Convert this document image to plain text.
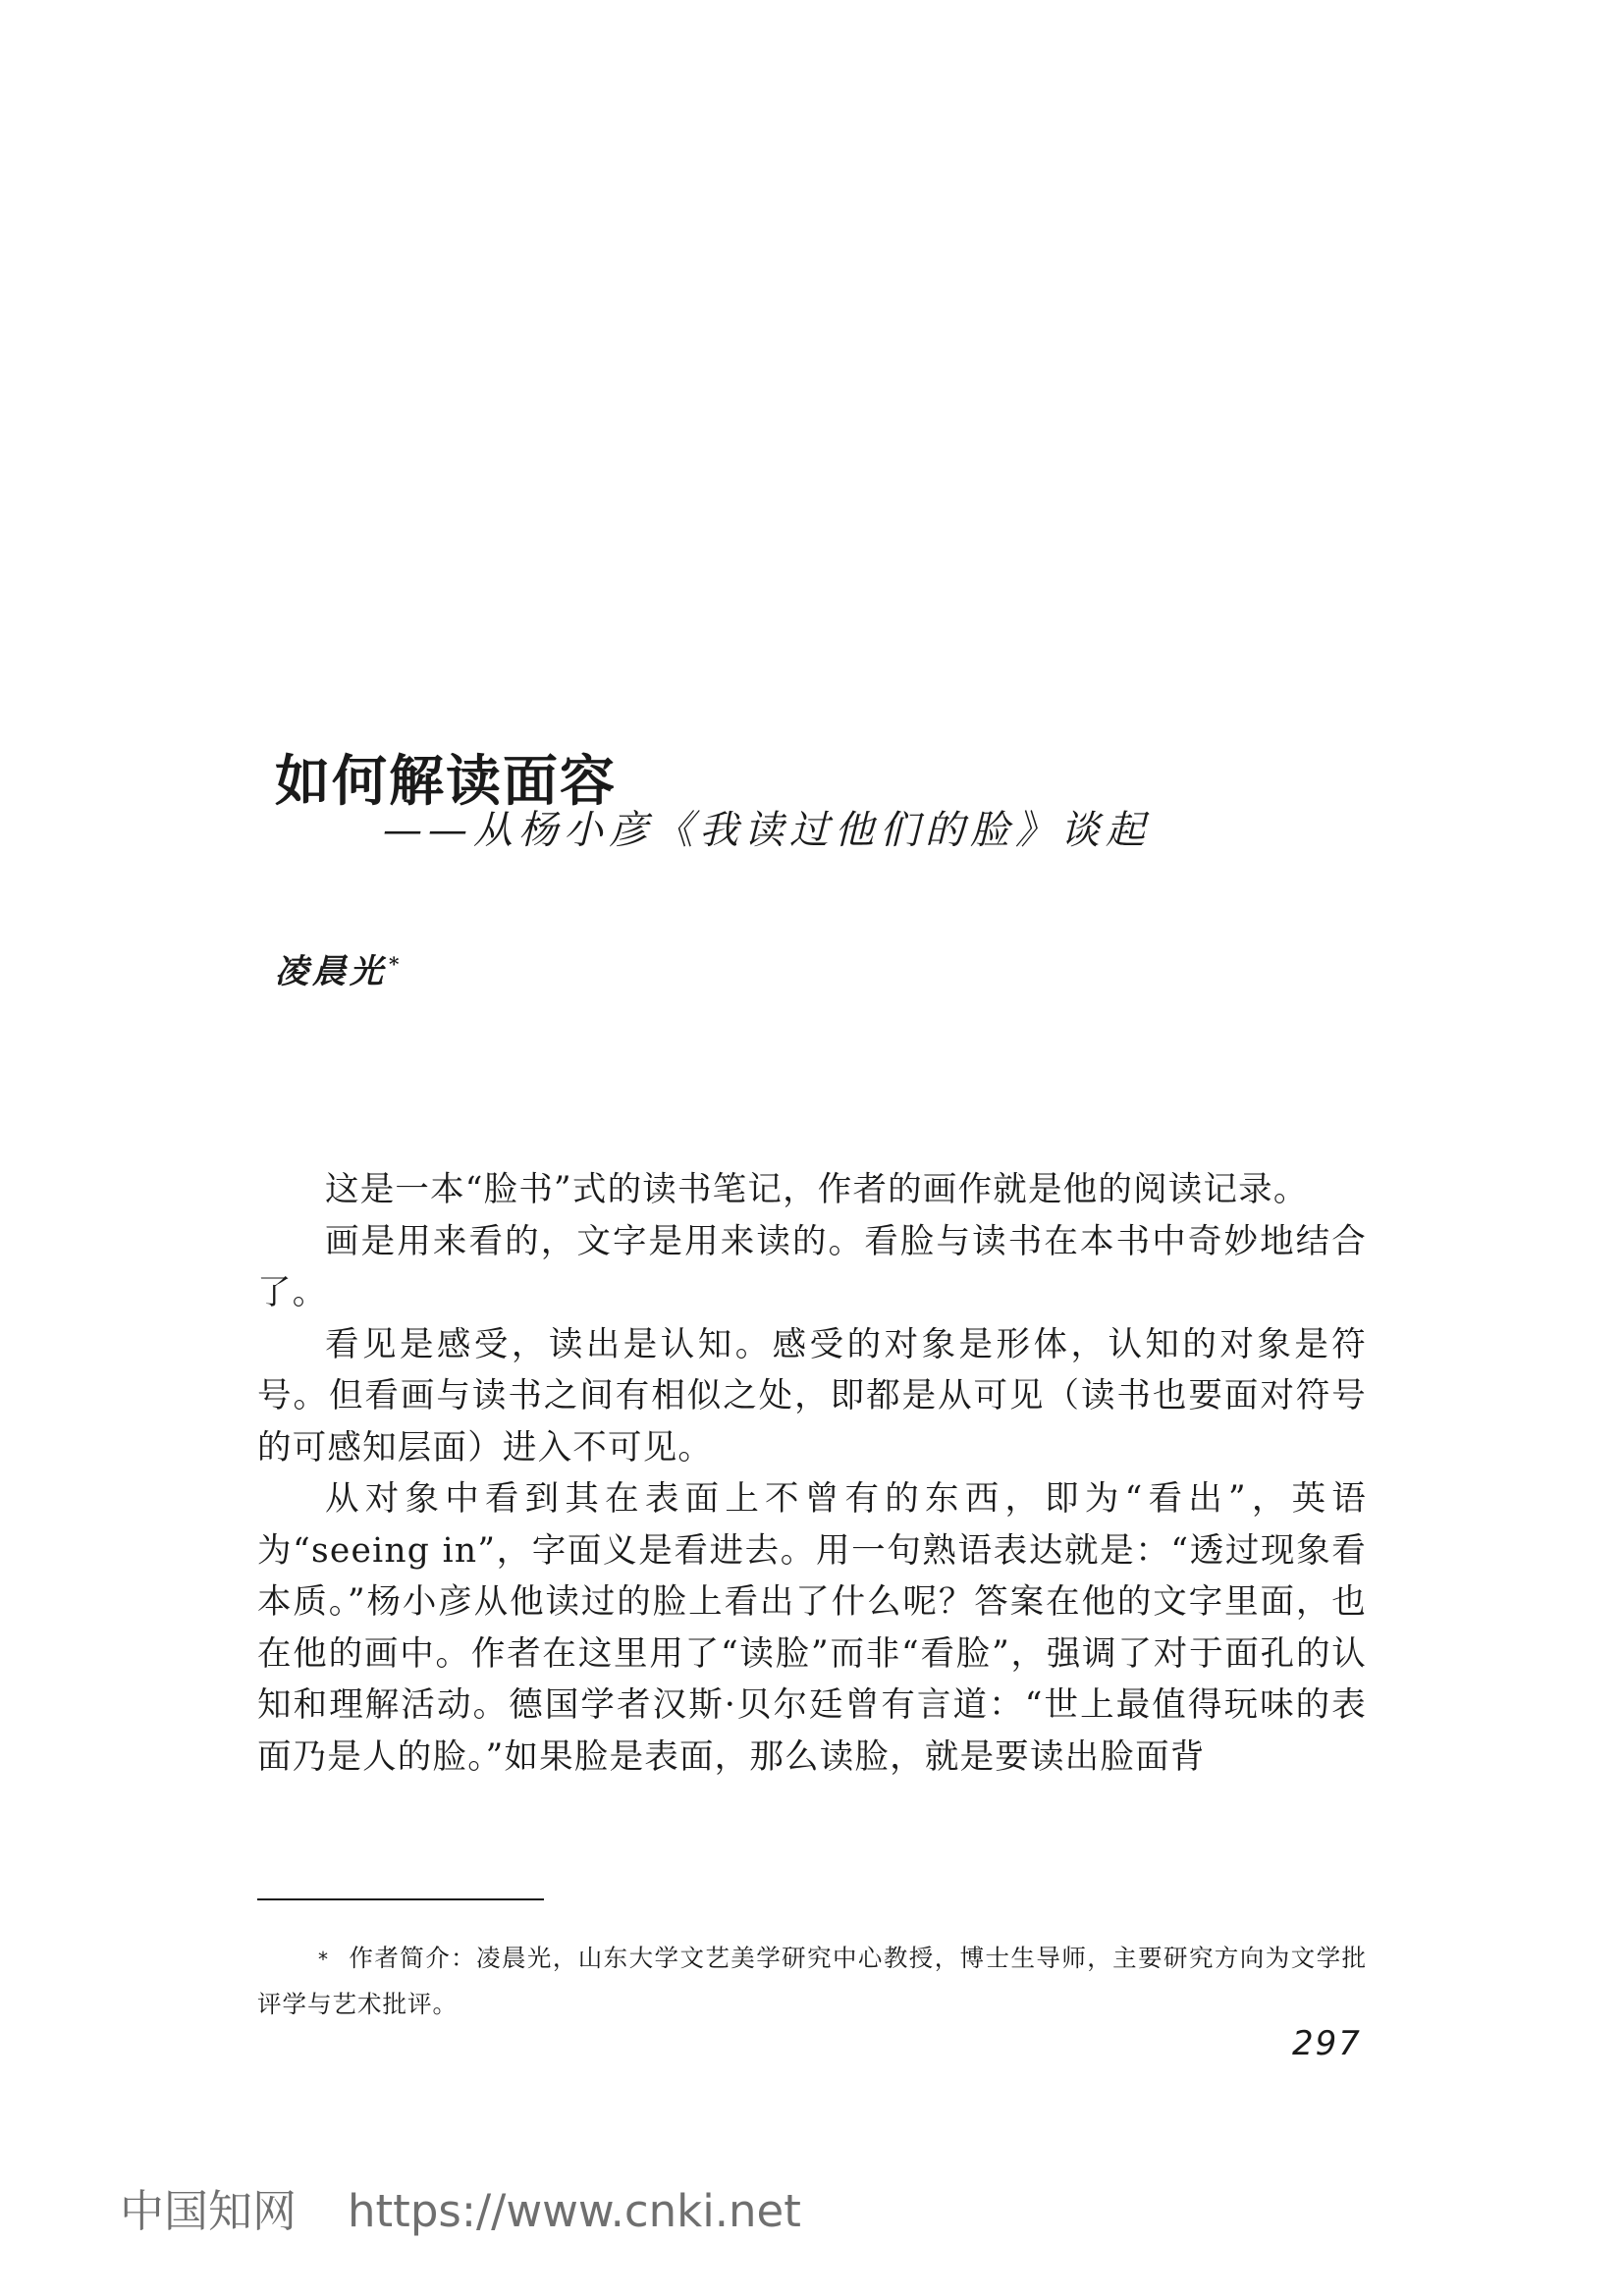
如何解读面容
——从杨小彦《我读过他们的脸》谈起
凌晨光 *

这是一本“脸书”式的读书笔记，作者的画作就是他的阅读记录。

画是用来看的，文字是用来读的。看脸与读书在本书中奇妙地结合了。

看见是感受，读出是认知。感受的对象是形体，认知的对象是符号。但看画与读书之间有相似之处，即都是从可见（读书也要面对符号的可感知层面）进入不可见。

从对象中看到其在表面上不曾有的东西，即为“看出”，英语为“seeing in”，字面义是看进去。用一句熟语表达就是：“透过现象看本质。”杨小彦从他读过的脸上看出了什么呢？答案在他的文字里面，也在他的画中。作者在这里用了“读脸”而非“看脸”，强调了对于面孔的认知和理解活动。德国学者汉斯·贝尔廷曾有言道：“世上最值得玩味的表面乃是人的脸。”如果脸是表面，那么读脸，就是要读出脸面背

* 作者简介：凌晨光，山东大学文艺美学研究中心教授，博士生导师，主要研究方向为文学批评学与艺术批评。
297
中国知网 https://www.cnki.net
